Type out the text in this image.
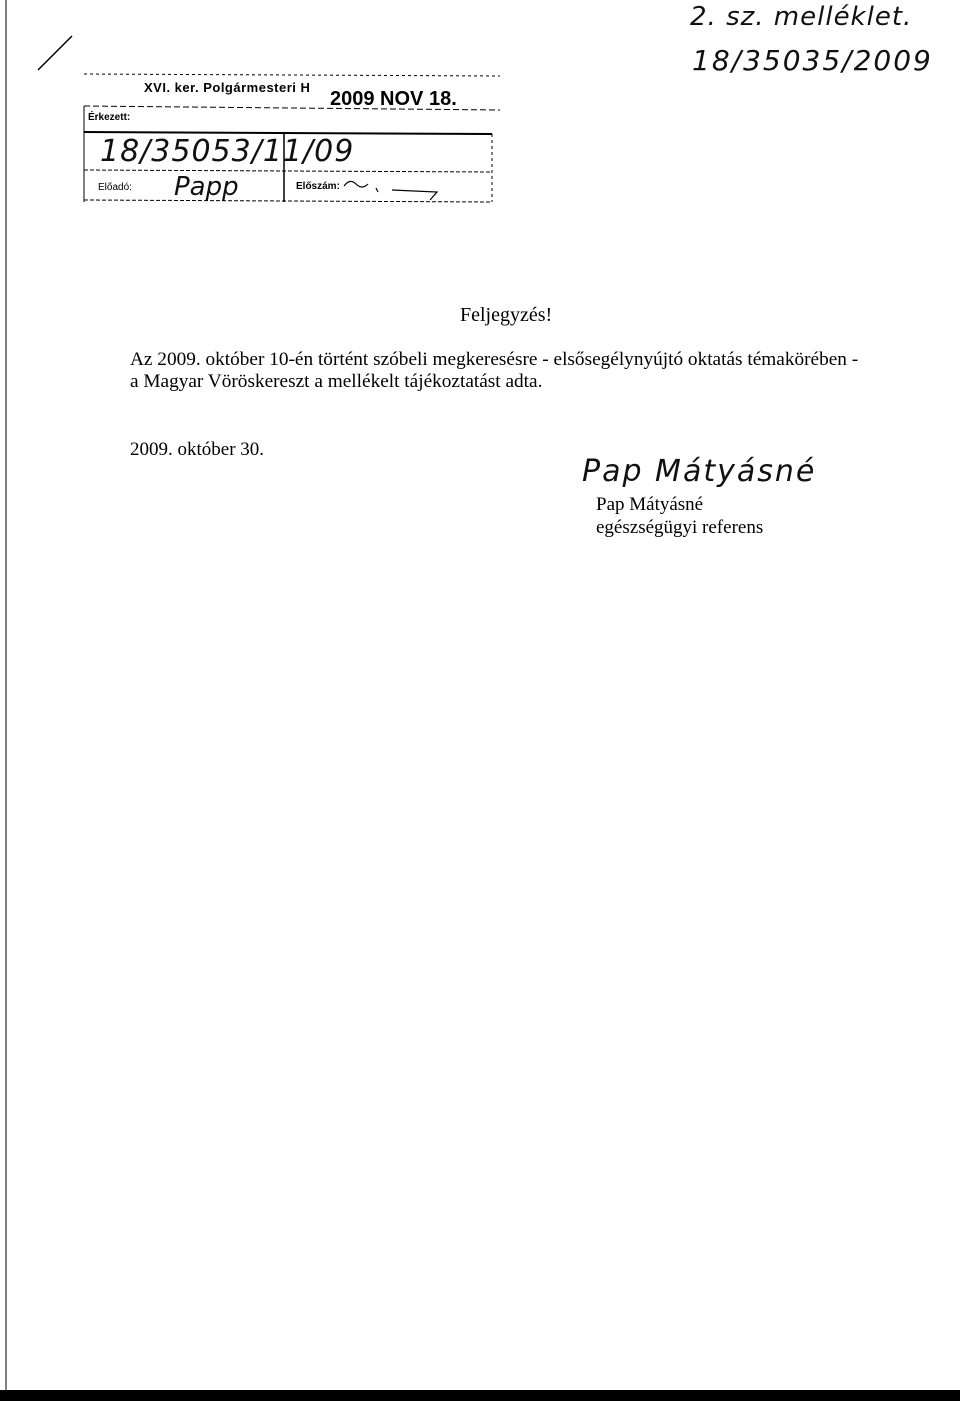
2. sz. melléklet.
18/35035/2009
XVI. ker. Polgármesteri H
2009 NOV 18.
Érkezett:
18/35053/11/09
Előadó: Papp	Előszám:
Feljegyzés!
Az 2009. október 10-én történt szóbeli megkeresésre - elsősegélynyújtó oktatás témakörében -
a Magyar Vöröskereszt a mellékelt tájékoztatást adta.
2009. október 30.
Pap Mátyásné
Pap Mátyásné
egészségügyi referens
